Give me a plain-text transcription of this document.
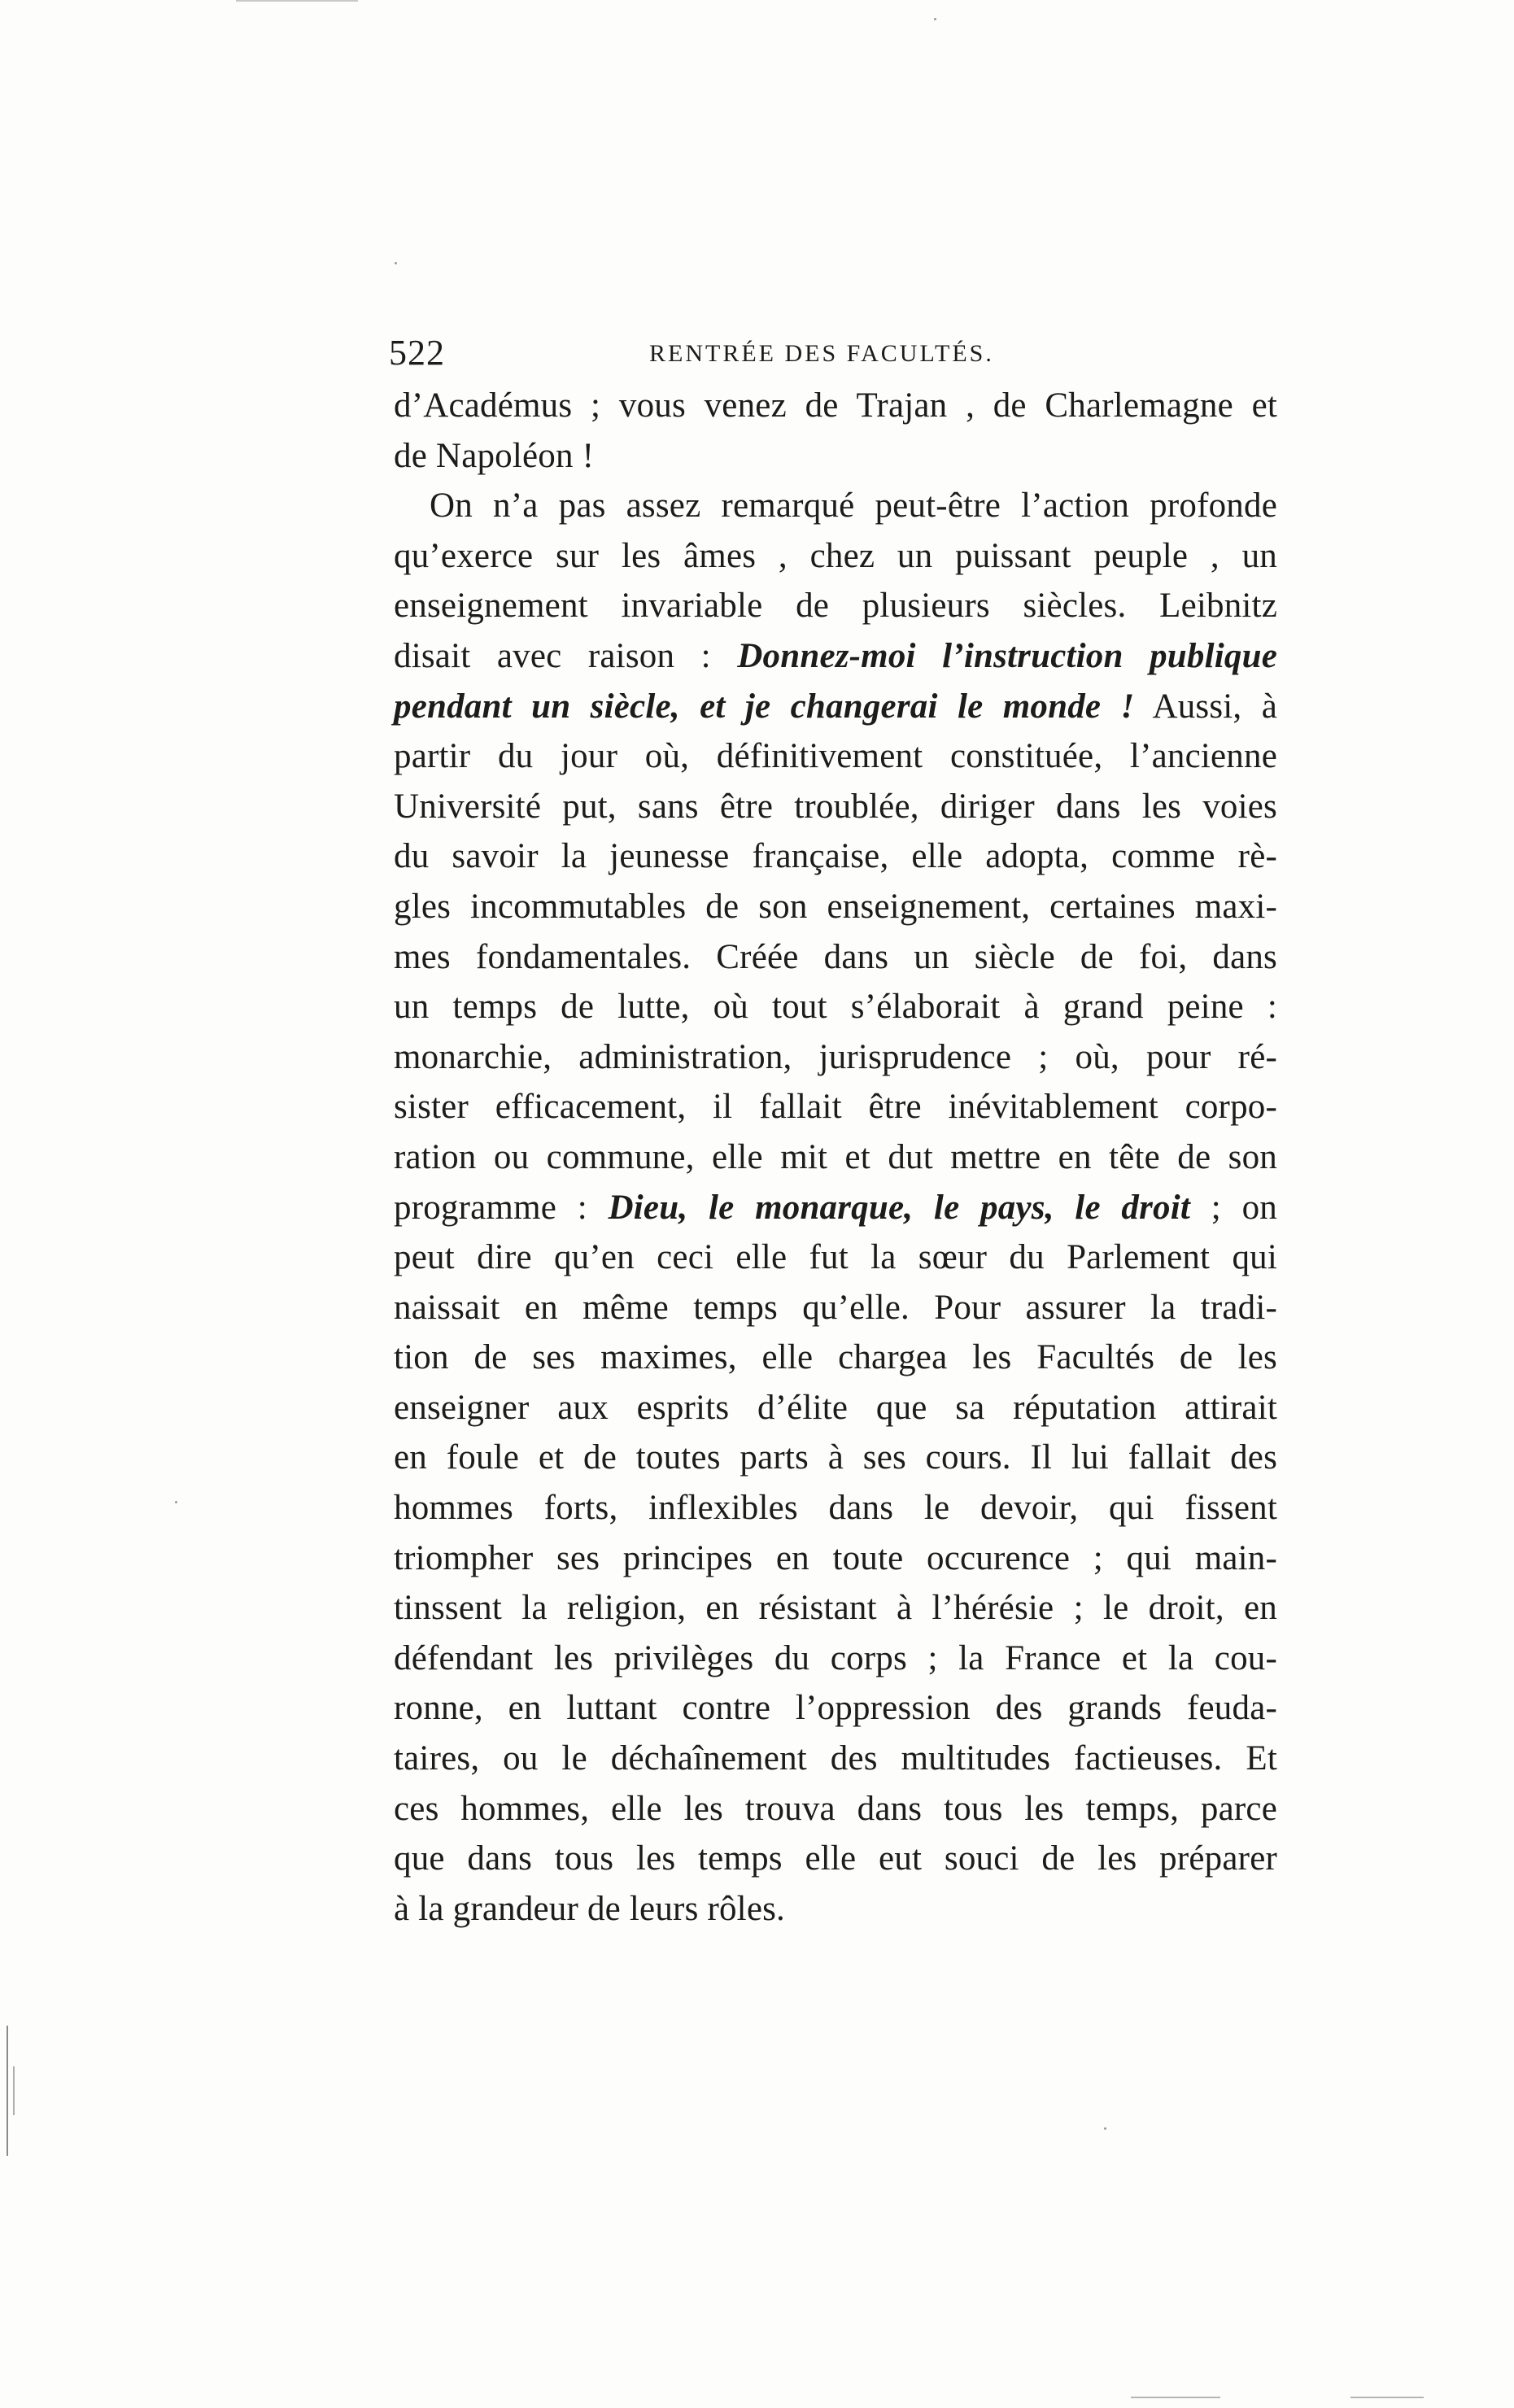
522	RENTRÉE DES FACULTÉS.
d’Académus ; vous venez de Trajan , de Charlemagne et
de Napoléon !
On n’a pas assez remarqué peut-être l’action profonde
qu’exerce sur les âmes , chez un puissant peuple , un
enseignement invariable de plusieurs siècles. Leibnitz
disait avec raison : Donnez-moi l’instruction publique
pendant un siècle, et je changerai le monde ! Aussi, à
partir du jour où, définitivement constituée, l’ancienne
Université put, sans être troublée, diriger dans les voies
du savoir la jeunesse française, elle adopta, comme rè-
gles incommutables de son enseignement, certaines maxi-
mes fondamentales. Créée dans un siècle de foi, dans
un temps de lutte, où tout s’élaborait à grand peine :
monarchie, administration, jurisprudence ; où, pour ré-
sister efficacement, il fallait être inévitablement corpo-
ration ou commune, elle mit et dut mettre en tête de son
programme : Dieu, le monarque, le pays, le droit ; on
peut dire qu’en ceci elle fut la sœur du Parlement qui
naissait en même temps qu’elle. Pour assurer la tradi-
tion de ses maximes, elle chargea les Facultés de les
enseigner aux esprits d’élite que sa réputation attirait
en foule et de toutes parts à ses cours. Il lui fallait des
hommes forts, inflexibles dans le devoir, qui fissent
triompher ses principes en toute occurence ; qui main-
tinssent la religion, en résistant à l’hérésie ; le droit, en
défendant les privilèges du corps ; la France et la cou-
ronne, en luttant contre l’oppression des grands feuda-
taires, ou le déchaînement des multitudes factieuses. Et
ces hommes, elle les trouva dans tous les temps, parce
que dans tous les temps elle eut souci de les préparer
à la grandeur de leurs rôles.
